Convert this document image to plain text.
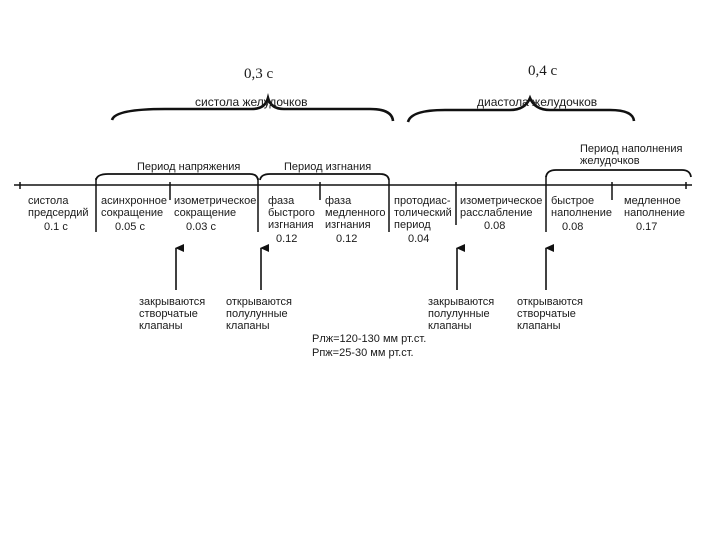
0,3 с	0,4 с
систола желудочков	диастола желудочков
Период напряжения	Период изгнания
Период наполнения желудочков
систола предсердий
0.1 с
асинхронное сокращение
0.05 с
изометрическое сокращение
0.03 с
фаза быстрого изгнания
0.12
фаза медленного изгнания
0.12
протодиас-толический период
0.04
изометрическое расслабление
0.08
быстрое наполнение
0.08
медленное наполнение
0.17
закрываются створчатые клапаны
открываются полулунные клапаны
закрываются полулунные клапаны
открываются створчатые клапаны
Рлж=120-130 мм рт.ст.
Рпж=25-30 мм рт.ст.
